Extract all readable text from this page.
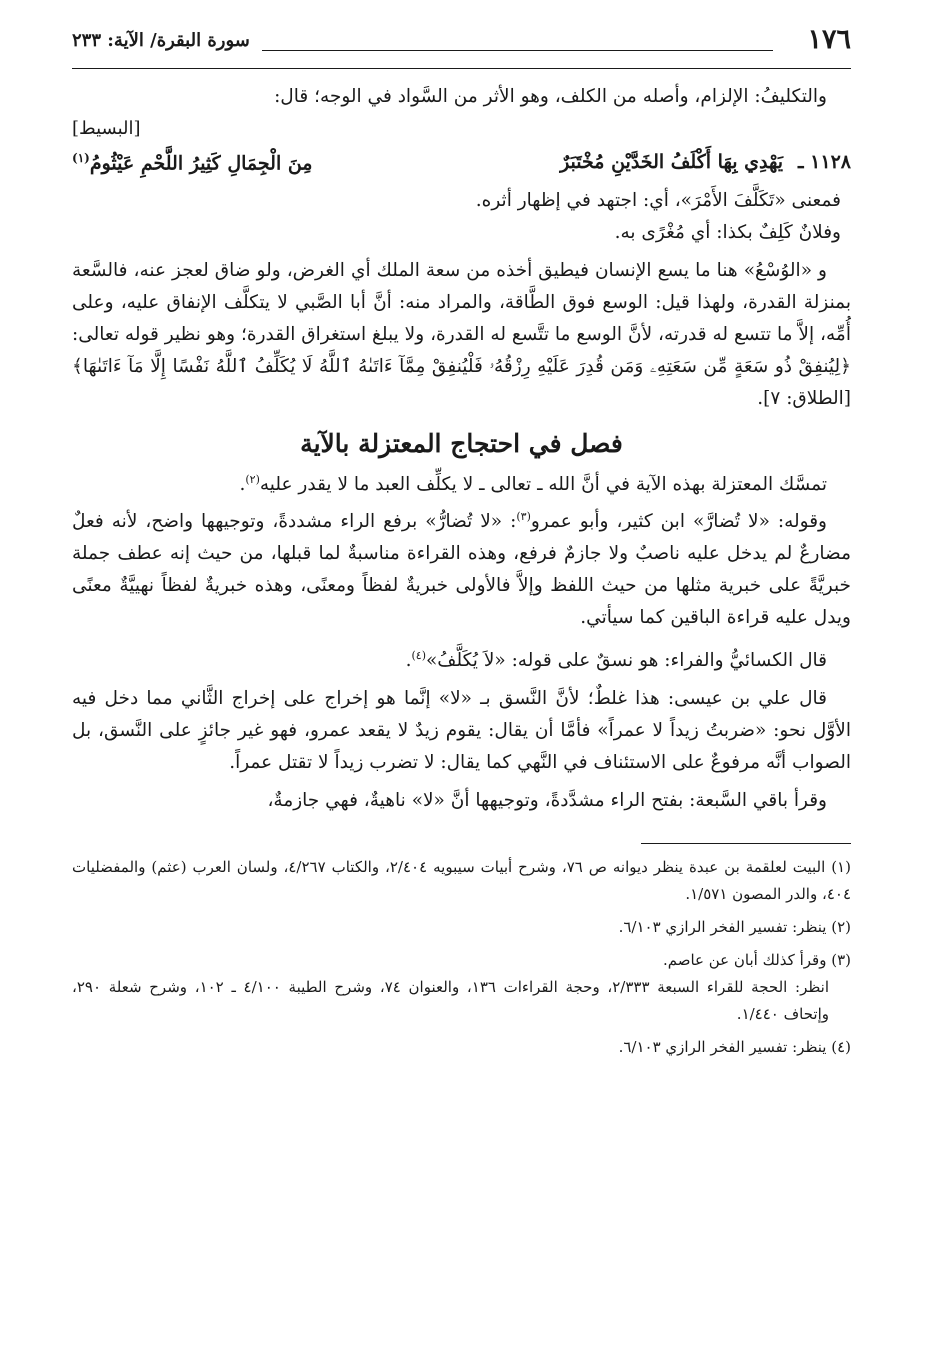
١٧٦
سورة البقرة/ الآية: ٢٣٣

والتكليفُ: الإلزام، وأصله من الكلف، وهو الأثر من السَّواد في الوجه؛ قال:
[البسيط]

١١٢٨ ـ
يَهْدِي بِهَا أَكْلَفُ الخَدَّيْنِ مُخْتَبَرٌ
مِنَ الْجِمَالِ كَثِيرُ اللَّحْمِ عَيْثُومُ$^{(١)}$

فمعنى «تَكَلَّفَ الأَمْرَ»، أي: اجتهد في إظهار أثره.
وفلانٌ كَلِفٌ بكذا: أي مُغْرًى به.

و «الوُسْعُ» هنا ما يسع الإنسان فيطيق أخذه من سعة الملك أي الغرض، ولو ضاق لعجز عنه، فالسَّعة بمنزلة القدرة، ولهذا قيل: الوسع فوق الطَّاقة، والمراد منه: أنَّ أبا الصَّبي لا يتكلَّف الإنفاق عليه، وعلى أُمِّه، إلاَّ ما تتسع له قدرته، لأنَّ الوسع ما تتَّسع له القدرة، ولا يبلغ استغراق القدرة؛ وهو نظير قوله تعالى: ﴿لِيُنفِقْ ذُو سَعَةٍ مِّن سَعَتِهِۦ وَمَن قُدِرَ عَلَيْهِ رِزْقُهُۥ فَلْيُنفِقْ مِمَّآ ءَاتَىٰهُ ٱللَّهُ لَا يُكَلِّفُ ٱللَّهُ نَفْسًا إِلَّا مَآ ءَاتَىٰهَا﴾ [الطلاق: ٧].

فصل في احتجاج المعتزلة بالآية

تمسَّك المعتزلة بهذه الآية في أنَّ الله ـ تعالى ـ لا يكلِّف العبد ما لا يقدر عليه$^{(٢)}$.

وقوله: «لا تُضارَّ» ابن كثير، وأبو عمرو$^{(٣)}$: «لا تُضارُّ» برفع الراء مشددةً، وتوجيهها واضح، لأنه فعلٌ مضارعٌ لم يدخل عليه ناصبٌ ولا جازمٌ فرفع، وهذه القراءة مناسبةٌ لما قبلها، من حيث إنه عطف جملة خبريَّةً على خبرية مثلها من حيث اللفظ وإلاَّ فالأولى خبريةٌ لفظاً ومعنًى، وهذه خبريةٌ لفظاً نهييَّةٌ معنًى ويدل عليه قراءة الباقين كما سيأتي.

قال الكسائيُّ والفراء: هو نسقٌ على قوله: «لاَ يُكَلَّفُ»$^{(٤)}$.

قال علي بن عيسى: هذا غلطٌ؛ لأنَّ النَّسق بـ «لا» إنَّما هو إخراج على إخراج الثَّاني مما دخل فيه الأوَّل نحو: «ضربتُ زيداً لا عمراً» فأمَّا أن يقال: يقوم زيدٌ لا يقعد عمرو، فهو غير جائزٍ على النَّسق، بل الصواب أنَّه مرفوعٌ على الاستئناف في النَّهي كما يقال: لا تضرب زيداً لا تقتل عمراً.

وقرأ باقي السَّبعة: بفتح الراء مشدَّدةً، وتوجيهها أنَّ «لا» ناهيةٌ، فهي جازمةٌ،

(١) البيت لعلقمة بن عبدة ينظر ديوانه ص ٧٦، وشرح أبيات سيبويه ٢/٤٠٤، والكتاب ٤/٢٦٧، ولسان العرب (عثم) والمفضليات ٤٠٤، والدر المصون ١/٥٧١.
(٢) ينظر: تفسير الفخر الرازي ٦/١٠٣.
(٣) وقرأ كذلك أبان عن عاصم.
انظر: الحجة للقراء السبعة ٢/٣٣٣، وحجة القراءات ١٣٦، والعنوان ٧٤، وشرح الطيبة ٤/١٠٠ ـ ١٠٢، وشرح شعلة ٢٩٠، وإتحاف ١/٤٤٠.
(٤) ينظر: تفسير الفخر الرازي ٦/١٠٣.
